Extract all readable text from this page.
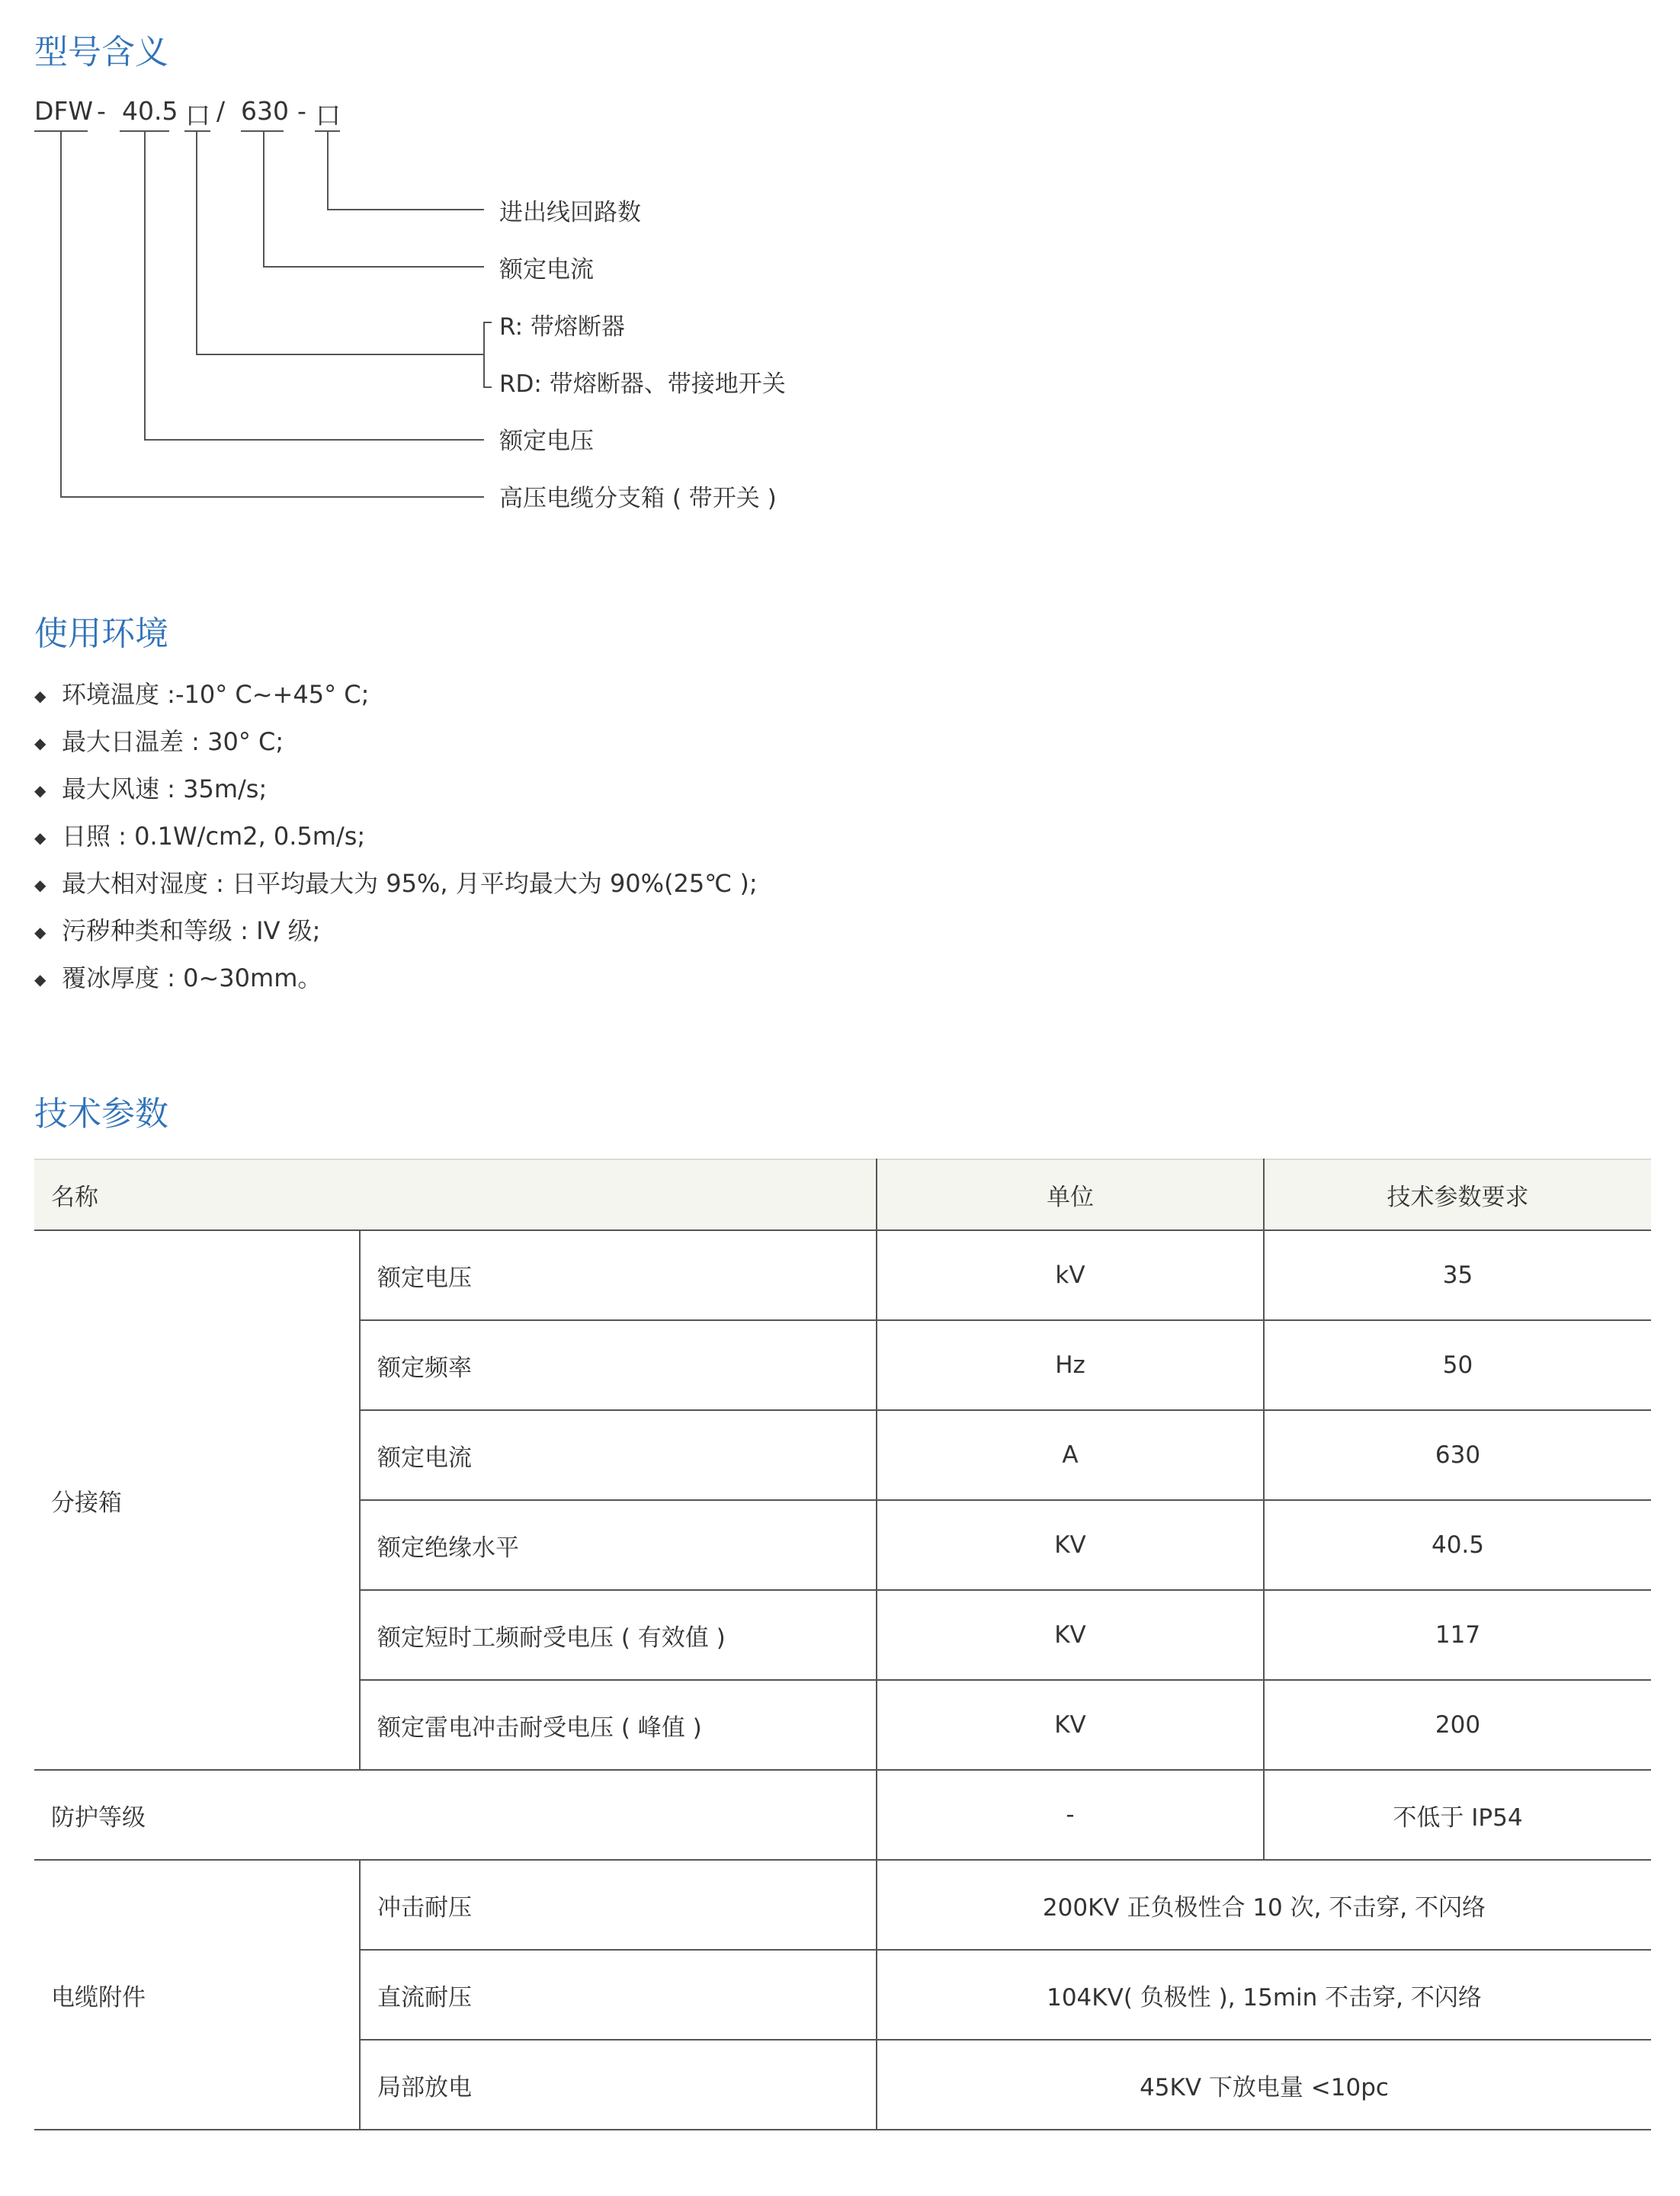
型号含义
DFW - 40.5 口 / 630 - 口
进出线回路数
额定电流
R: 带熔断器
RD: 带熔断器、带接地开关
额定电压
高压电缆分支箱 ( 带开关 )
使用环境
◆ 环境温度 :-10° C~+45° C;
◆ 最大日温差 : 30° C;
◆ 最大风速 : 35m/s;
◆ 日照 : 0.1W/cm2, 0.5m/s;
◆ 最大相对湿度 : 日平均最大为 95%, 月平均最大为 90%(25℃ );
◆ 污秽种类和等级 : IV 级;
◆ 覆冰厚度 : 0~30mm。
技术参数
名称		单位	技术参数要求
分接箱	额定电压	kV	35
	额定频率	Hz	50
	额定电流	A	630
	额定绝缘水平	KV	40.5
	额定短时工频耐受电压 ( 有效值 )	KV	117
	额定雷电冲击耐受电压 ( 峰值 )	KV	200
防护等级		-	不低于 IP54
电缆附件	冲击耐压	200KV 正负极性合 10 次, 不击穿, 不闪络	
	直流耐压	104KV( 负极性 ), 15min 不击穿, 不闪络	
	局部放电	45KV 下放电量 <10pc	
